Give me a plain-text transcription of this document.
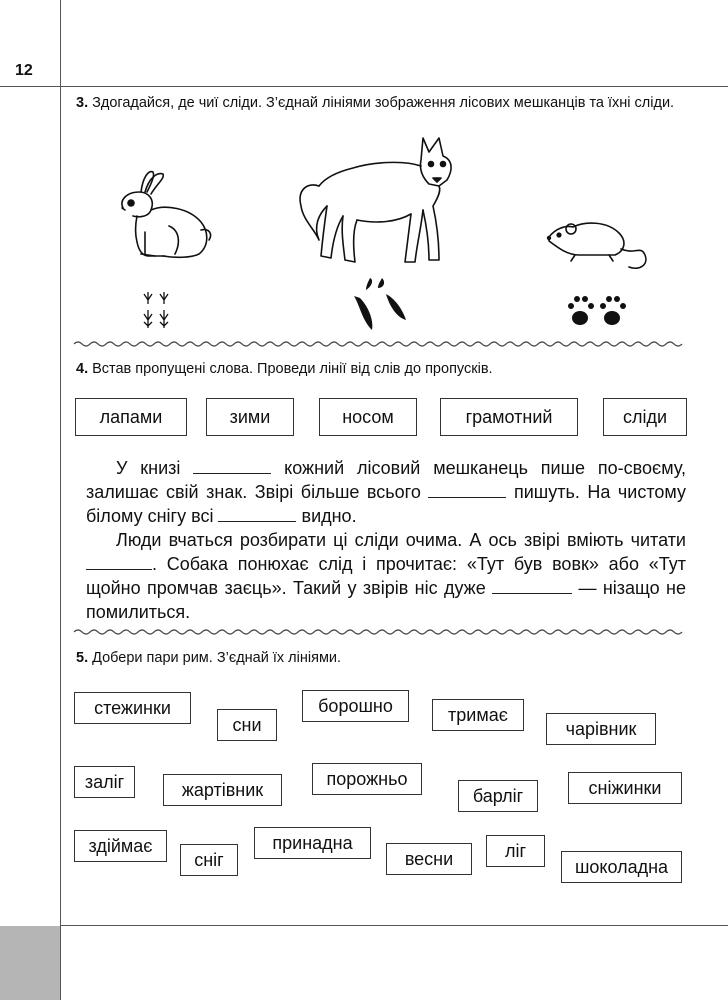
12
3. Здогадайся, де чиї сліди. З’єднай лініями зображення лісових мешканців та їхні сліди.
4. Встав пропущені слова. Проведи лінії від слів до пропусків.
лапами	зими	носом	грамотний	сліди

У книзі	кожний лісовий мешканець пише по-своєму, залишає свій знак. Звірі більше всього	пишуть. На чистому білому снігу всі	видно.

Люди вчаться розбирати ці сліди очима. А ось звірі вміють читати . Собака понюхає слід і прочитає: «Тут був вовк» або «Тут щойно промчав заєць». Такий у звірів ніс дуже	— нізащо не помилиться.

5. Добери пари рим. З’єднай їх лініями.
стежинки
сни
борошно	тримає
чарівник
заліг	жартівник
порожньо
барліг	сніжинки
здіймає
сніг
принадна
весни	ліг
шоколадна
